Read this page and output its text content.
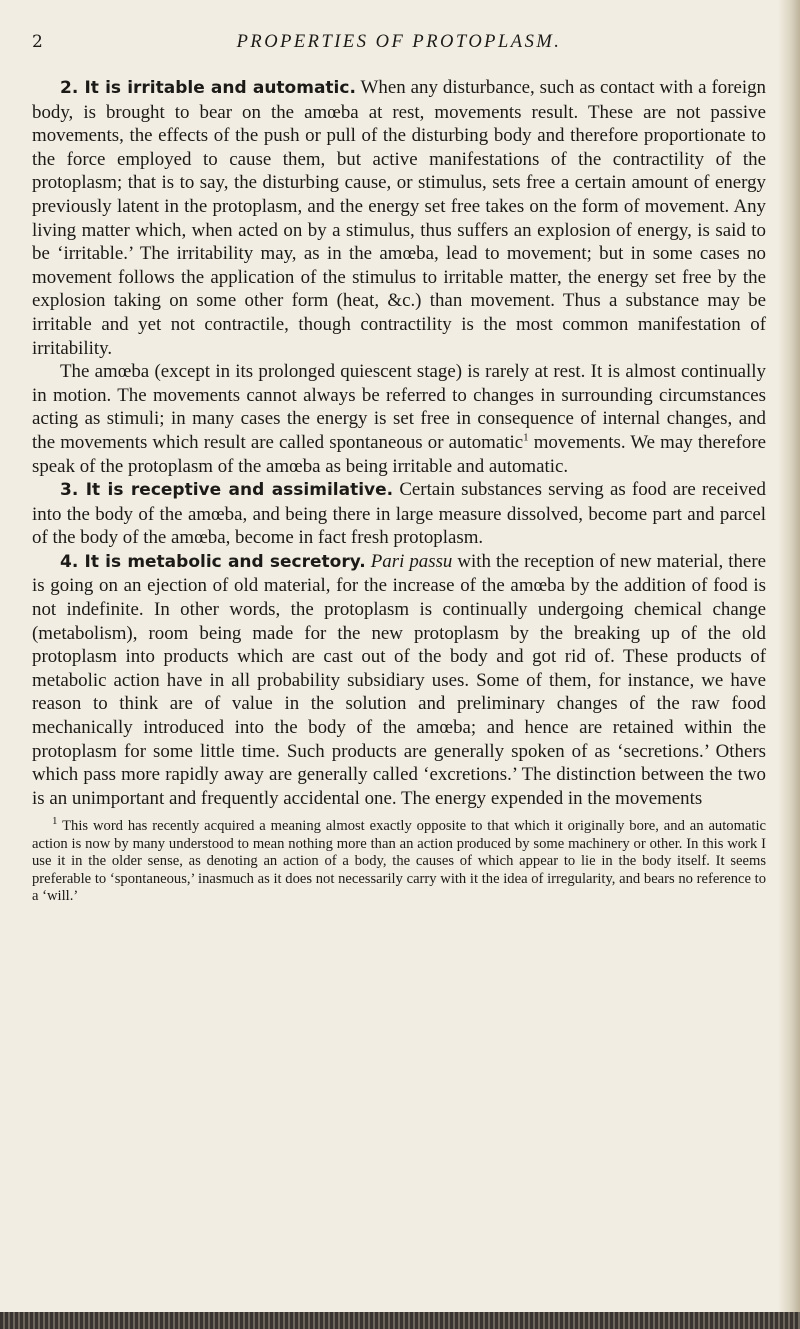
2	PROPERTIES OF PROTOPLASM.

2. It is irritable and automatic. When any disturbance, such as contact with a foreign body, is brought to bear on the amœba at rest, movements result. These are not passive movements, the effects of the push or pull of the disturbing body and therefore proportionate to the force employed to cause them, but active manifestations of the contractility of the protoplasm; that is to say, the disturbing cause, or stimulus, sets free a certain amount of energy previously latent in the protoplasm, and the energy set free takes on the form of movement. Any living matter which, when acted on by a stimulus, thus suffers an explosion of energy, is said to be ‘irritable.’ The irritability may, as in the amœba, lead to movement; but in some cases no movement follows the application of the stimulus to irritable matter, the energy set free by the explosion taking on some other form (heat, &c.) than movement. Thus a substance may be irritable and yet not contractile, though contractility is the most common manifestation of irritability.

The amœba (except in its prolonged quiescent stage) is rarely at rest. It is almost continually in motion. The movements cannot always be referred to changes in surrounding circumstances acting as stimuli; in many cases the energy is set free in consequence of internal changes, and the movements which result are called spontaneous or automatic$^1$ movements. We may therefore speak of the protoplasm of the amœba as being irritable and automatic.

3. It is receptive and assimilative. Certain substances serving as food are received into the body of the amœba, and being there in large measure dissolved, become part and parcel of the body of the amœba, become in fact fresh protoplasm.

4. It is metabolic and secretory. Pari passu with the reception of new material, there is going on an ejection of old material, for the increase of the amœba by the addition of food is not indefinite. In other words, the protoplasm is continually undergoing chemical change (metabolism), room being made for the new protoplasm by the breaking up of the old protoplasm into products which are cast out of the body and got rid of. These products of metabolic action have in all probability subsidiary uses. Some of them, for instance, we have reason to think are of value in the solution and preliminary changes of the raw food mechanically introduced into the body of the amœba; and hence are retained within the protoplasm for some little time. Such products are generally spoken of as ‘secretions.’ Others which pass more rapidly away are generally called ‘excretions.’ The distinction between the two is an unimportant and frequently accidental one. The energy expended in the movements

$^1$ This word has recently acquired a meaning almost exactly opposite to that which it originally bore, and an automatic action is now by many understood to mean nothing more than an action produced by some machinery or other. In this work I use it in the older sense, as denoting an action of a body, the causes of which appear to lie in the body itself. It seems preferable to ‘spontaneous,’ inasmuch as it does not necessarily carry with it the idea of irregularity, and bears no reference to a ‘will.’
